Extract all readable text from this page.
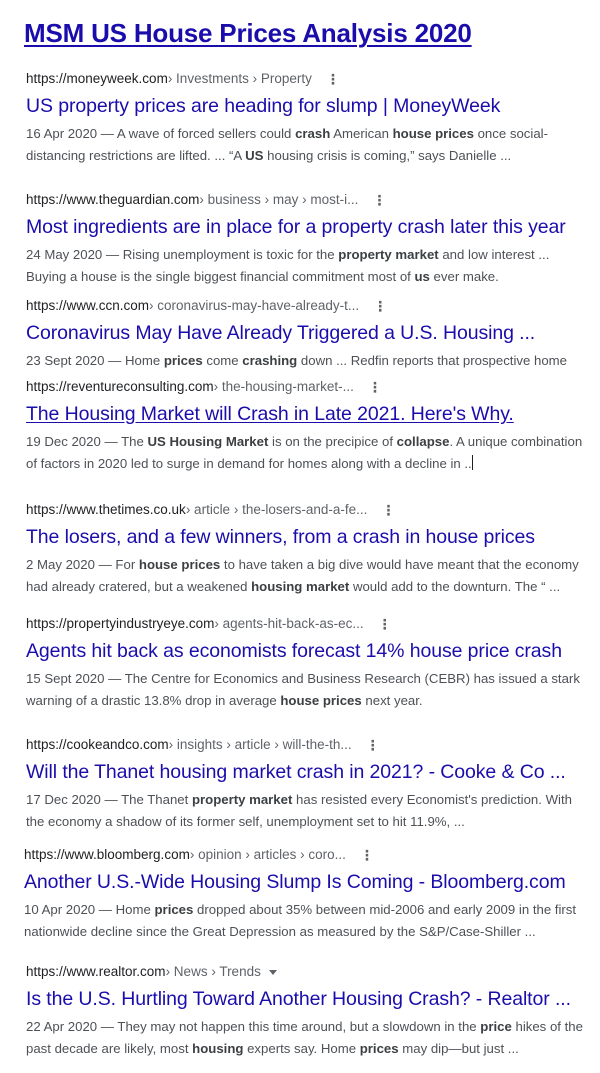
MSM US House Prices Analysis 2020
https://moneyweek.com › Investments › Property ⋮
US property prices are heading for slump | MoneyWeek
16 Apr 2020 — A wave of forced sellers could crash American house prices once social-distancing restrictions are lifted. ... “A US housing crisis is coming,” says Danielle ...
https://www.theguardian.com › business › may › most-i... ⋮
Most ingredients are in place for a property crash later this year
24 May 2020 — Rising unemployment is toxic for the property market and low interest ... Buying a house is the single biggest financial commitment most of us ever make.
https://www.ccn.com › coronavirus-may-have-already-t... ⋮
Coronavirus May Have Already Triggered a U.S. Housing ...
23 Sept 2020 — Home prices come crashing down ... Redfin reports that prospective home
https://reventureconsulting.com › the-housing-market-... ⋮
The Housing Market will Crash in Late 2021. Here's Why.
19 Dec 2020 — The US Housing Market is on the precipice of collapse. A unique combination of factors in 2020 led to surge in demand for homes along with a decline in ..
https://www.thetimes.co.uk › article › the-losers-and-a-fe... ⋮
The losers, and a few winners, from a crash in house prices
2 May 2020 — For house prices to have taken a big dive would have meant that the economy had already cratered, but a weakened housing market would add to the downturn. The “ ...
https://propertyindustryeye.com › agents-hit-back-as-ec... ⋮
Agents hit back as economists forecast 14% house price crash
15 Sept 2020 — The Centre for Economics and Business Research (CEBR) has issued a stark warning of a drastic 13.8% drop in average house prices next year.
https://cookeandco.com › insights › article › will-the-th... ⋮
Will the Thanet housing market crash in 2021? - Cooke & Co ...
17 Dec 2020 — The Thanet property market has resisted every Economist's prediction. With the economy a shadow of its former self, unemployment set to hit 11.9%, ...
https://www.bloomberg.com › opinion › articles › coro... ⋮
Another U.S.-Wide Housing Slump Is Coming - Bloomberg.com
10 Apr 2020 — Home prices dropped about 35% between mid-2006 and early 2009 in the first nationwide decline since the Great Depression as measured by the S&P/Case-Shiller ...
https://www.realtor.com › News › Trends
Is the U.S. Hurtling Toward Another Housing Crash? - Realtor ...
22 Apr 2020 — They may not happen this time around, but a slowdown in the price hikes of the past decade are likely, most housing experts say. Home prices may dip—but just ...
